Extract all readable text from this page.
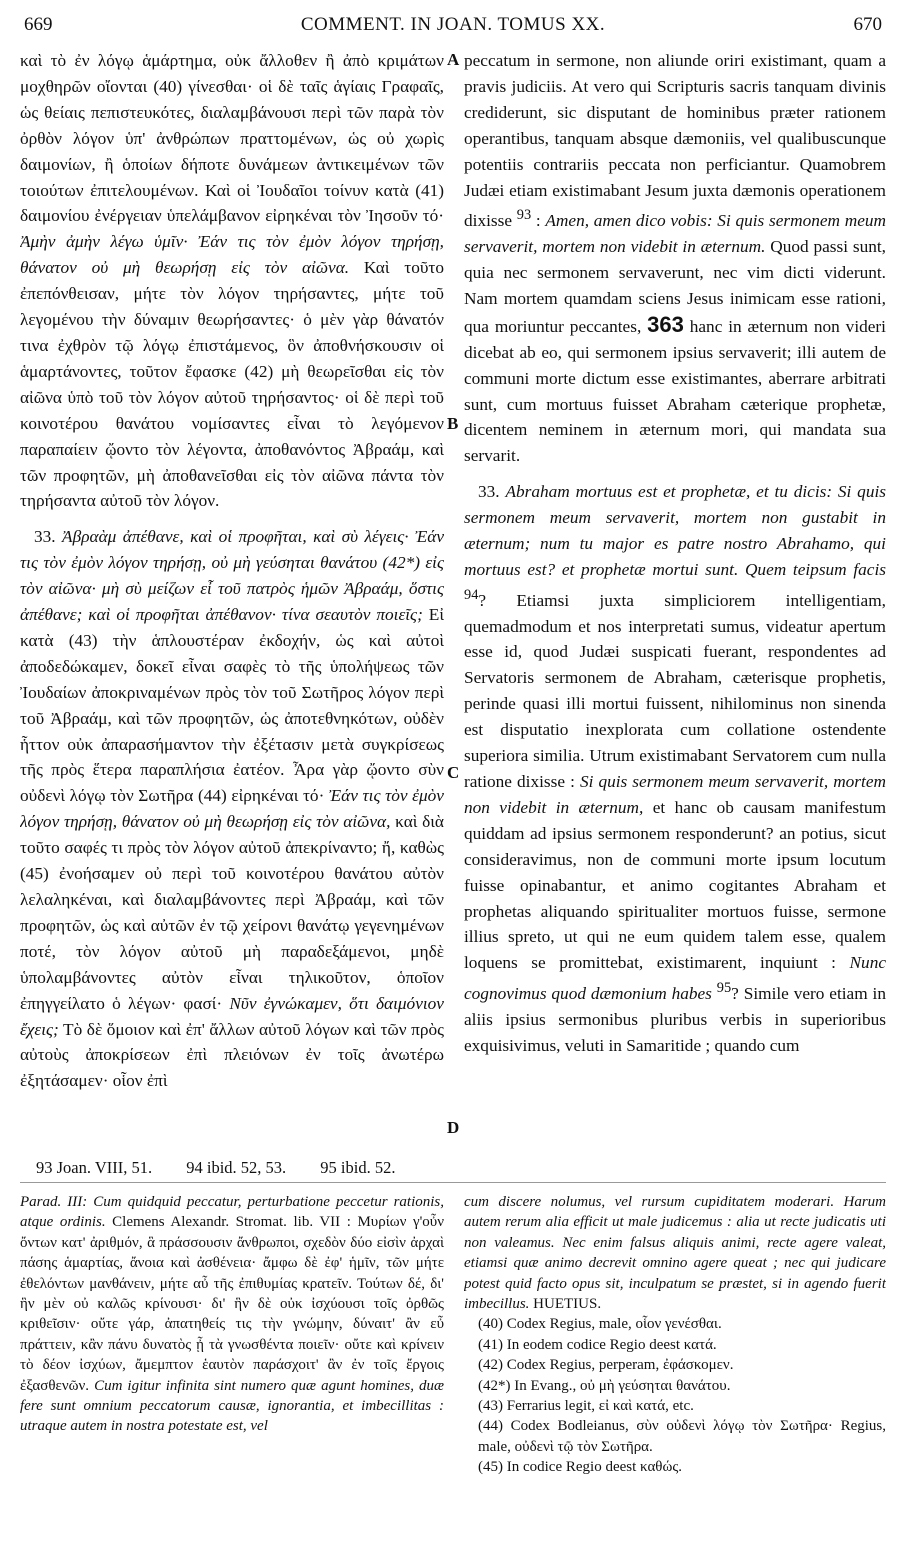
669	COMMENT. IN JOAN. TOMUS XX.	670

καὶ τὸ ἐν λόγῳ ἁμάρτημα, οὐκ ἄλλοθεν ἢ ἀπὸ κριμάτων μοχθηρῶν οἴονται (40) γίνεσθαι· οἱ δὲ ταῖς ἁγίαις Γραφαῖς, ὡς θείαις πεπιστευκότες, διαλαμβάνουσι περὶ τῶν παρὰ τὸν ὀρθὸν λόγον ὑπ' ἀνθρώπων πραττομένων, ὡς οὐ χωρὶς δαιμονίων, ἢ ὁποίων δήποτε δυνάμεων ἀντικειμένων τῶν τοιούτων ἐπιτελουμένων. Καὶ οἱ Ἰουδαῖοι τοίνυν κατὰ (41) δαιμονίου ἐνέργειαν ὑπελάμβανον εἰρηκέναι τὸν Ἰησοῦν τό· Ἀμὴν ἀμὴν λέγω ὑμῖν· Ἐάν τις τὸν ἐμὸν λόγον τηρήσῃ, θάνατον οὐ μὴ θεωρήσῃ εἰς τὸν αἰῶνα. Καὶ τοῦτο ἐπεπόνθεισαν, μήτε τὸν λόγον τηρήσαντες, μήτε τοῦ λεγομένου τὴν δύναμιν θεωρήσαντες· ὁ μὲν γὰρ θάνατόν τινα ἐχθρὸν τῷ λόγῳ ἐπιστάμενος, ὃν ἀποθνήσκουσιν οἱ ἁμαρτάνοντες, τοῦτον ἔφασκε (42) μὴ θεωρεῖσθαι εἰς τὸν αἰῶνα ὑπὸ τοῦ τὸν λόγον αὐτοῦ τηρήσαντος· οἱ δὲ περὶ τοῦ κοινοτέρου θανάτου νομίσαντες εἶναι τὸ λεγόμενον παραπαίειν ᾤοντο τὸν λέγοντα, ἀποθανόντος Ἀβραάμ, καὶ τῶν προφητῶν, μὴ ἀποθανεῖσθαι εἰς τὸν αἰῶνα πάντα τὸν τηρήσαντα αὐτοῦ τὸν λόγον.

33. Ἀβραὰμ ἀπέθανε, καὶ οἱ προφῆται, καὶ σὺ λέγεις· Ἐάν τις τὸν ἐμὸν λόγον τηρήσῃ, οὐ μὴ γεύσηται θανάτου (42*) εἰς τὸν αἰῶνα· μὴ σὺ μείζων εἶ τοῦ πατρὸς ἡμῶν Ἀβραάμ, ὅστις ἀπέθανε; καὶ οἱ προφῆται ἀπέθανον· τίνα σεαυτὸν ποιεῖς; Εἰ κατὰ (43) τὴν ἁπλουστέραν ἐκδοχήν, ὡς καὶ αὐτοὶ ἀποδεδώκαμεν, δοκεῖ εἶναι σαφὲς τὸ τῆς ὑπολήψεως τῶν Ἰουδαίων ἀποκριναμένων πρὸς τὸν τοῦ Σωτῆρος λόγον περὶ τοῦ Ἀβραάμ, καὶ τῶν προφητῶν, ὡς ἀποτεθνηκότων, οὐδὲν ἧττον οὐκ ἀπαρασήμαντον τὴν ἐξέτασιν μετὰ συγκρίσεως τῆς πρὸς ἕτερα παραπλήσια ἐατέον. Ἆρα γὰρ ᾤοντο σὺν οὐδενὶ λόγῳ τὸν Σωτῆρα (44) εἰρηκέναι τό· Ἐάν τις τὸν ἐμὸν λόγον τηρήσῃ, θάνατον οὐ μὴ θεωρήσῃ εἰς τὸν αἰῶνα, καὶ διὰ τοῦτο σαφές τι πρὸς τὸν λόγον αὐτοῦ ἀπεκρίναντο; ἤ, καθὼς (45) ἐνοήσαμεν οὐ περὶ τοῦ κοινοτέρου θανάτου αὐτὸν λελαληκέναι, καὶ διαλαμβάνοντες περὶ Ἀβραάμ, καὶ τῶν προφητῶν, ὡς καὶ αὐτῶν ἐν τῷ χείρονι θανάτῳ γεγενημένων ποτέ, τὸν λόγον αὐτοῦ μὴ παραδεξάμενοι, μηδὲ ὑπολαμβάνοντες αὐτὸν εἶναι τηλικοῦτον, ὁποῖον ἐπηγγείλατο ὁ λέγων· φασί· Νῦν ἐγνώκαμεν, ὅτι δαιμόνιον ἔχεις; Τὸ δὲ ὅμοιον καὶ ἐπ' ἄλλων αὐτοῦ λόγων καὶ τῶν πρὸς αὐτοὺς ἀποκρίσεων ἐπὶ πλειόνων ἐν τοῖς ἀνωτέρω ἐξητάσαμεν· οἷον ἐπὶ

A
B
C
D

peccatum in sermone, non aliunde oriri existimant, quam a pravis judiciis. At vero qui Scripturis sacris tanquam divinis crediderunt, sic disputant de hominibus præter rationem operantibus, tanquam absque dæmoniis, vel qualibuscunque potentiis contrariis peccata non perficiantur. Quamobrem Judæi etiam existimabant Jesum juxta dæmonis operationem dixisse $^{93}$ : Amen, amen dico vobis: Si quis sermonem meum servaverit, mortem non videbit in æternum. Quod passi sunt, quia nec sermonem servaverunt, nec vim dicti viderunt. Nam mortem quamdam sciens Jesus inimicam esse rationi, qua moriuntur peccantes, 363 hanc in æternum non videri dicebat ab eo, qui sermonem ipsius servaverit; illi autem de communi morte dictum esse existimantes, aberrare arbitrati sunt, cum mortuus fuisset Abraham cæterique prophetæ, dicentem neminem in æternum mori, qui mandata sua servarit.

33. Abraham mortuus est et prophetæ, et tu dicis: Si quis sermonem meum servaverit, mortem non gustabit in æternum; num tu major es patre nostro Abrahamo, qui mortuus est? et prophetæ mortui sunt. Quem teipsum facis $^{94}$? Etiamsi juxta simpliciorem intelligentiam, quemadmodum et nos interpretati sumus, videatur apertum esse id, quod Judæi suspicati fuerant, respondentes ad Servatoris sermonem de Abraham, cæterisque prophetis, perinde quasi illi mortui fuissent, nihilominus non sinenda est disputatio inexplorata cum collatione ostendente superiora similia. Utrum existimabant Servatorem cum nulla ratione dixisse : Si quis sermonem meum servaverit, mortem non videbit in æternum, et hanc ob causam manifestum quiddam ad ipsius sermonem responderunt? an potius, sicut consideravimus, non de communi morte ipsum locutum fuisse opinabantur, et animo cogitantes Abraham et prophetas aliquando spiritualiter mortuos fuisse, sermone illius spreto, ut qui ne eum quidem talem esse, qualem loquens se promittebat, existimarent, inquiunt : Nunc cognovimus quod dæmonium habes $^{95}$? Simile vero etiam in aliis ipsius sermonibus pluribus verbis in superioribus exquisivimus, veluti in Samaritide ; quando cum

93 Joan. VIII, 51. 94 ibid. 52, 53. 95 ibid. 52.

Parad. III: Cum quidquid peccatur, perturbatione peccetur rationis, atque ordinis. Clemens Alexandr. Stromat. lib. VII : Μυρίων γ'οὖν ὄντων κατ' ἀριθμόν, ἃ πράσσουσιν ἄνθρωποι, σχεδὸν δύο εἰσὶν ἀρχαὶ πάσης ἁμαρτίας, ἄνοια καὶ ἀσθένεια· ἄμφω δὲ ἐφ' ἡμῖν, τῶν μήτε ἐθελόντων μανθάνειν, μήτε αὖ τῆς ἐπιθυμίας κρατεῖν. Τούτων δέ, δι' ἣν μὲν οὐ καλῶς κρίνουσι· δι' ἣν δὲ οὐκ ἰσχύουσι τοῖς ὀρθῶς κριθεῖσιν· οὔτε γάρ, ἀπατηθείς τις τὴν γνώμην, δύναιτ' ἂν εὖ πράττειν, κἂν πάνυ δυνατὸς ᾖ τὰ γνωσθέντα ποιεῖν· οὔτε καὶ κρίνειν τὸ δέον ἰσχύων, ἄμεμπτον ἑαυτὸν παράσχοιτ' ἂν ἐν τοῖς ἔργοις ἐξασθενῶν. Cum igitur infinita sint numero quæ agunt homines, duæ fere sunt omnium peccatorum causæ, ignorantia, et imbecillitas : utraque autem in nostra potestate est, vel

cum discere nolumus, vel rursum cupiditatem moderari. Harum autem rerum alia efficit ut male judicemus : alia ut recte judicatis uti non valeamus. Nec enim falsus aliquis animi, recte agere valeat, etiamsi quæ animo decrevit omnino agere queat ; nec qui judicare potest quid facto opus sit, inculpatum se præstet, si in agendo fuerit imbecillus. HUETIUS.

(40) Codex Regius, male, οἷον γενέσθαι.
(41) In eodem codice Regio deest κατά.
(42) Codex Regius, perperam, ἐφάσκομεν.
(42*) In Evang., οὐ μὴ γεύσηται θανάτου.
(43) Ferrarius legit, εἰ καὶ κατά, etc.
(44) Codex Bodleianus, σὺν οὐδενὶ λόγῳ τὸν Σωτῆρα· Regius, male, οὐδενὶ τῷ τὸν Σωτῆρα.
(45) In codice Regio deest καθώς.
